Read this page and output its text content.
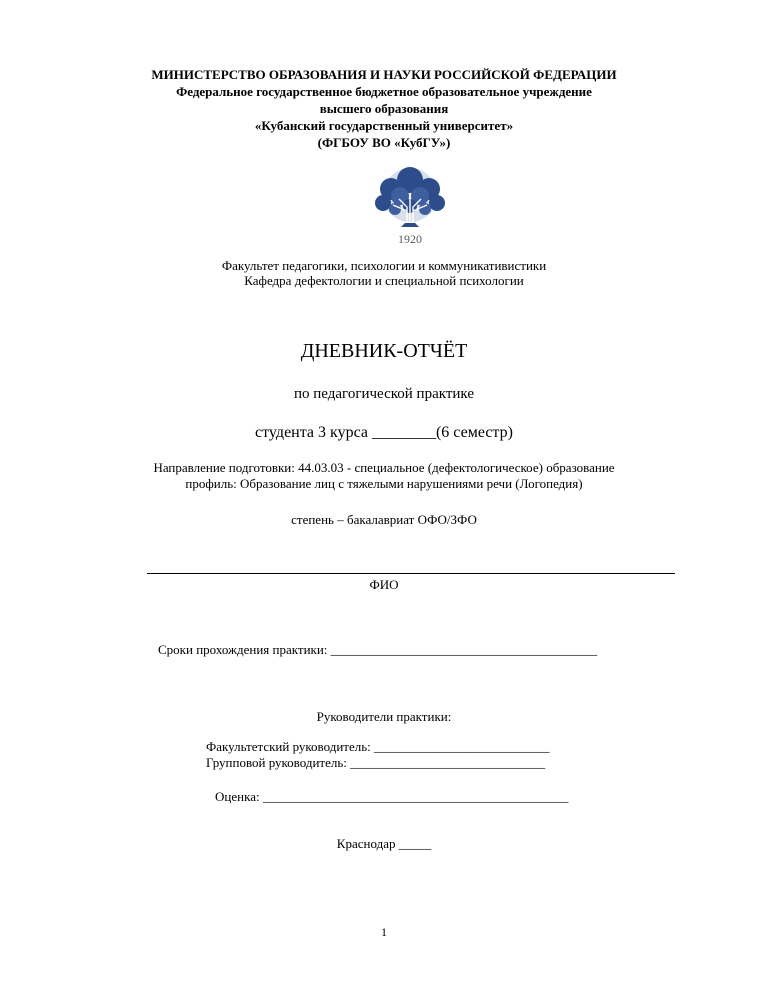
МИНИСТЕРСТВО ОБРАЗОВАНИЯ И НАУКИ РОССИЙСКОЙ ФЕДЕРАЦИИ
Федеральное государственное бюджетное образовательное учреждение
высшего образования
«Кубанский государственный университет»
(ФГБОУ ВО «КубГУ»)
1920
Факультет педагогики, психологии и коммуникативистики
Кафедра дефектологии и специальной психологии
ДНЕВНИК-ОТЧЁТ
по педагогической практике
студента 3 курса ________(6 семестр)
Направление подготовки: 44.03.03 - специальное (дефектологическое) образование
профиль: Образование лиц с тяжелыми нарушениями речи (Логопедия)
степень – бакалавриат ОФО/ЗФО
ФИО
Сроки прохождения практики: _________________________________________
Руководители практики:
Факультетский руководитель: ___________________________
Групповой руководитель: ______________________________
Оценка: _______________________________________________
Краснодар _____
1
